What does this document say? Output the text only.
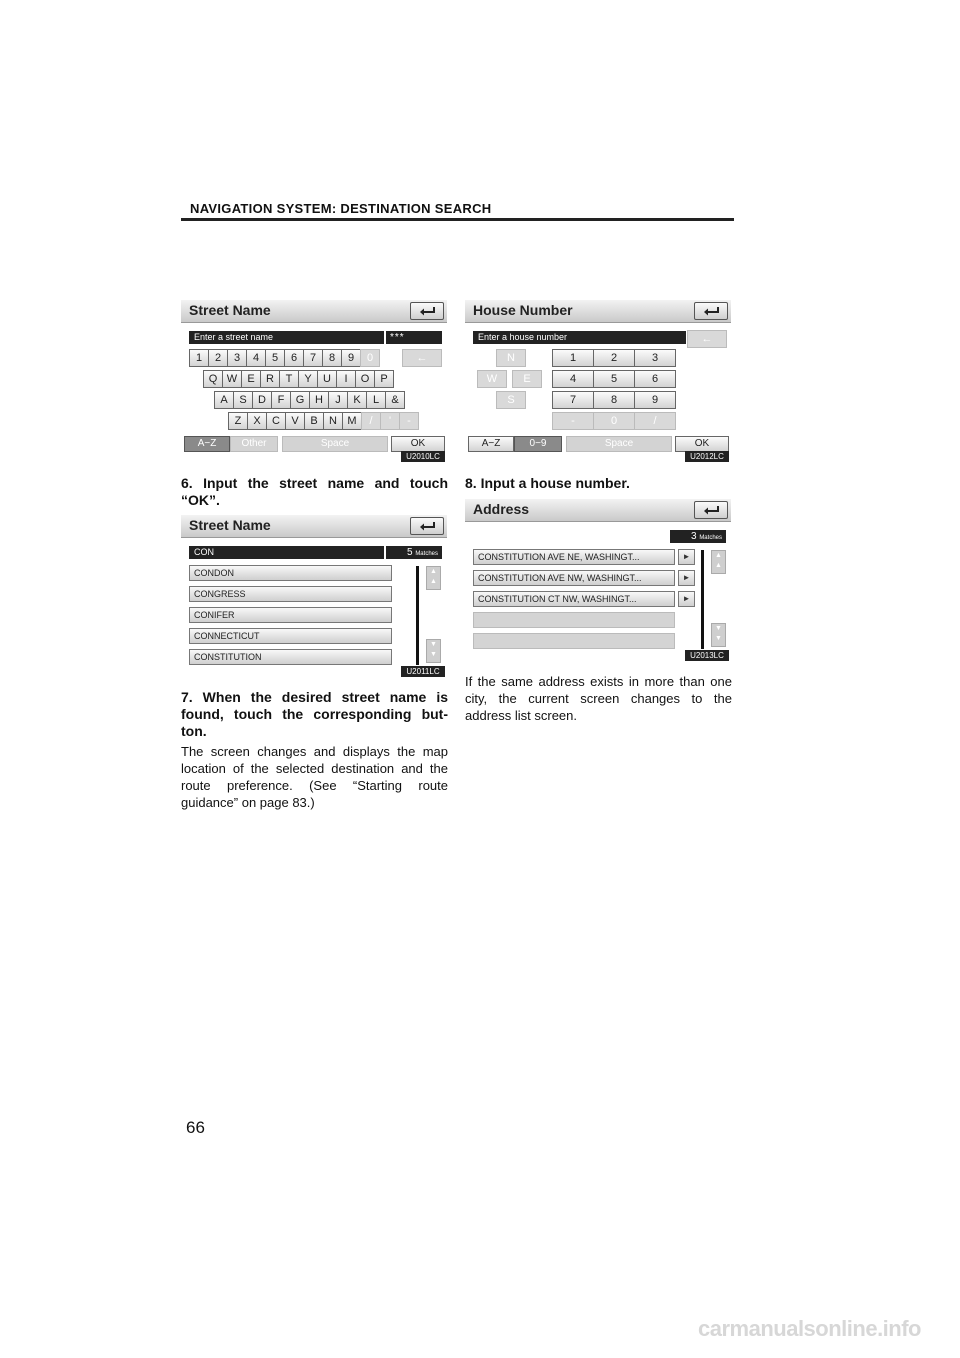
NAVIGATION SYSTEM: DESTINATION SEARCH
Street Name
Enter a street name	***
1	2	3	4	5	6	7	8	9	0	←
Q W E	R	T	Y	U	I	O	P
A	S	D	F	G H	J	K	L	&
Z	X	C	V	B	N M	/	'	-
A−Z	Other	Space	OK
U2010LC
House Number
Enter a house number	←
N
W	E
S
1	2	3
4	5	6
7	8	9
-	0	/
A−Z	0−9	Space	OK
U2012LC
6. Input the street name and touch “OK”.
8. Input a house number.
Street Name
CON	5 Matches
CONDON
CONGRESS
CONIFER
CONNECTICUT
CONSTITUTION
▲
▲
▼
▼
U2011LC
Address
3 Matches
CONSTITUTION AVE NE, WASHINGT...	►
CONSTITUTION AVE NW, WASHINGT...	►
CONSTITUTION CT NW, WASHINGT...	►
▲
▲
▼
▼
U2013LC
7. When the desired street name is found, touch the corresponding but-ton.
The screen changes and displays the map location of the selected destination and the route preference. (See “Starting route guidance” on page 83.)
If the same address exists in more than one city, the current screen changes to the address list screen.
66
carmanualsonline.info
